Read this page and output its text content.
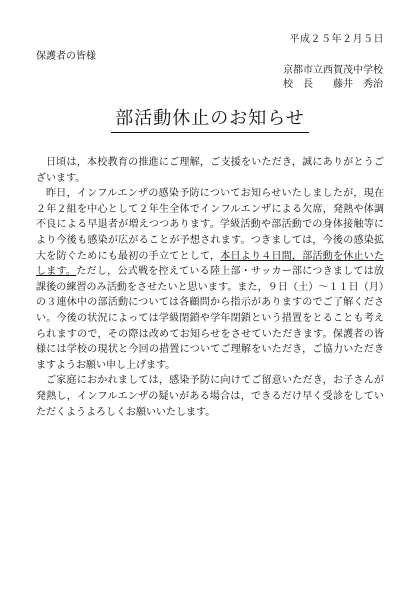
平成２５年２月５日
保護者の皆様
京都市立西賀茂中学校
校　長　　藤井　秀治
部活動休止のお知らせ

日頃は，本校教育の推進にご理解，ご支援をいただき，誠にありがとうございます。

昨日，インフルエンザの感染予防についてお知らせいたしましたが，現在２年２組を中心として２年生全体でインフルエンザによる欠席，発熱や体調不良による早退者が増えつつあります。学級活動や部活動での身体接触等により今後も感染が広がることが予想されます。つきましては，今後の感染拡大を防ぐためにも最初の手立てとして，本日より４日間，部活動を休止いたします。ただし，公式戦を控えている陸上部・サッカー部につきましては放課後の練習のみ活動をさせたいと思います。また，９日（土）～１１日（月）の３連休中の部活動については各顧問から指示がありますのでご了解ください。今後の状況によっては学級閉鎖や学年閉鎖という措置をとることも考えられますので，その際は改めてお知らせをさせていただきます。保護者の皆様には学校の現状と今回の措置についてご理解をいただき，ご協力いただきますようお願い申し上げます。

ご家庭におかれましては，感染予防に向けてご留意いただき，お子さんが発熱し，インフルエンザの疑いがある場合は，できるだけ早く受診をしていただくようよろしくお願いいたします。
